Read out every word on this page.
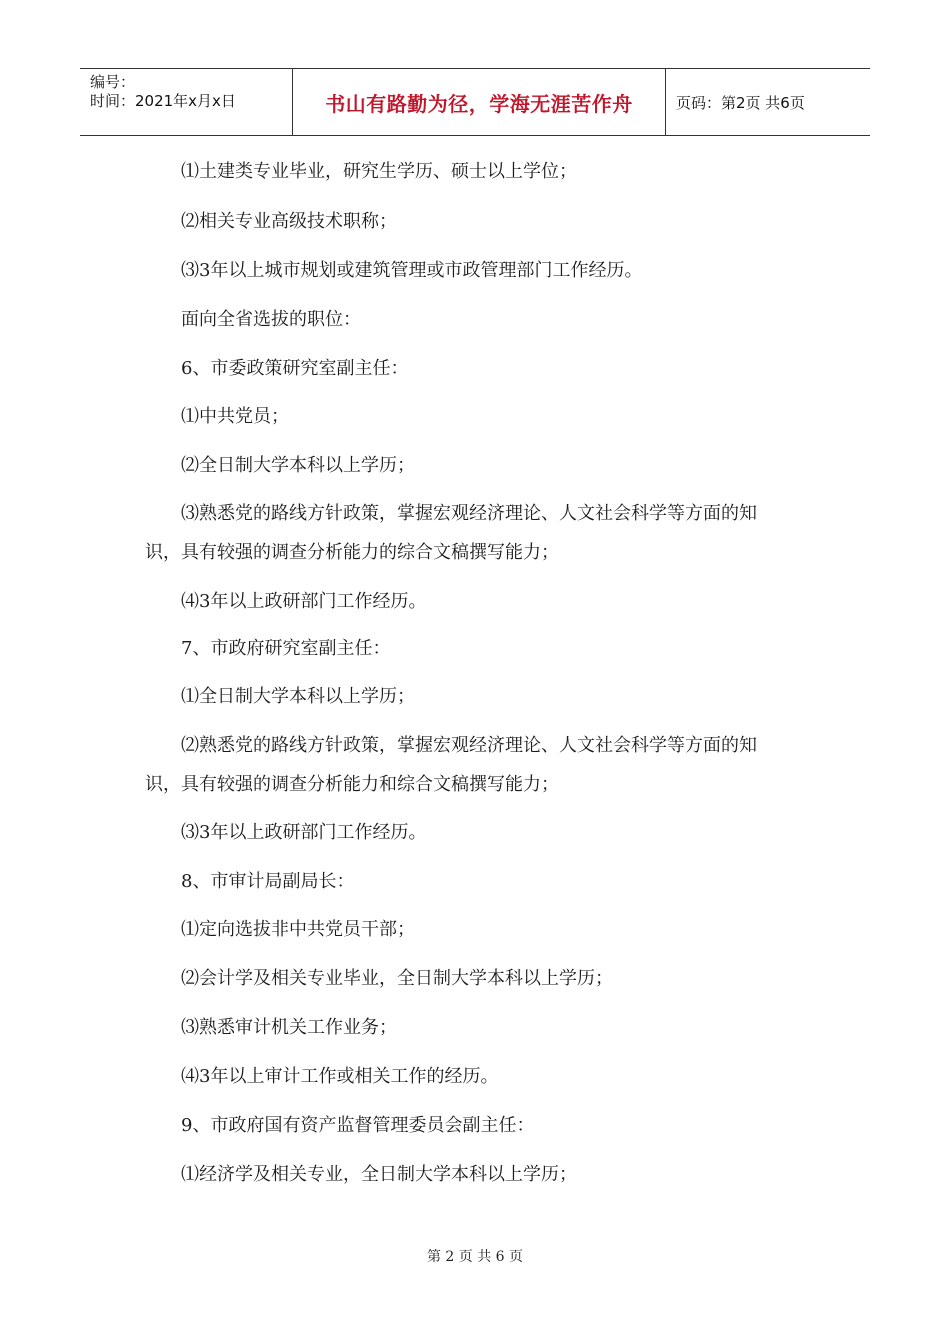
编号：
时间：2021年x月x日	书山有路勤为径，学海无涯苦作舟	页码：第2页 共6页
⑴土建类专业毕业，研究生学历、硕士以上学位；
⑵相关专业高级技术职称；
⑶3年以上城市规划或建筑管理或市政管理部门工作经历。
面向全省选拔的职位：
6、市委政策研究室副主任：
⑴中共党员；
⑵全日制大学本科以上学历；
⑶熟悉党的路线方针政策，掌握宏观经济理论、人文社会科学等方面的知
识，具有较强的调查分析能力的综合文稿撰写能力；
⑷3年以上政研部门工作经历。
7、市政府研究室副主任：
⑴全日制大学本科以上学历；
⑵熟悉党的路线方针政策，掌握宏观经济理论、人文社会科学等方面的知
识，具有较强的调查分析能力和综合文稿撰写能力；
⑶3年以上政研部门工作经历。
8、市审计局副局长：
⑴定向选拔非中共党员干部；
⑵会计学及相关专业毕业，全日制大学本科以上学历；
⑶熟悉审计机关工作业务；
⑷3年以上审计工作或相关工作的经历。
9、市政府国有资产监督管理委员会副主任：
⑴经济学及相关专业，全日制大学本科以上学历；
第 2 页 共 6 页
